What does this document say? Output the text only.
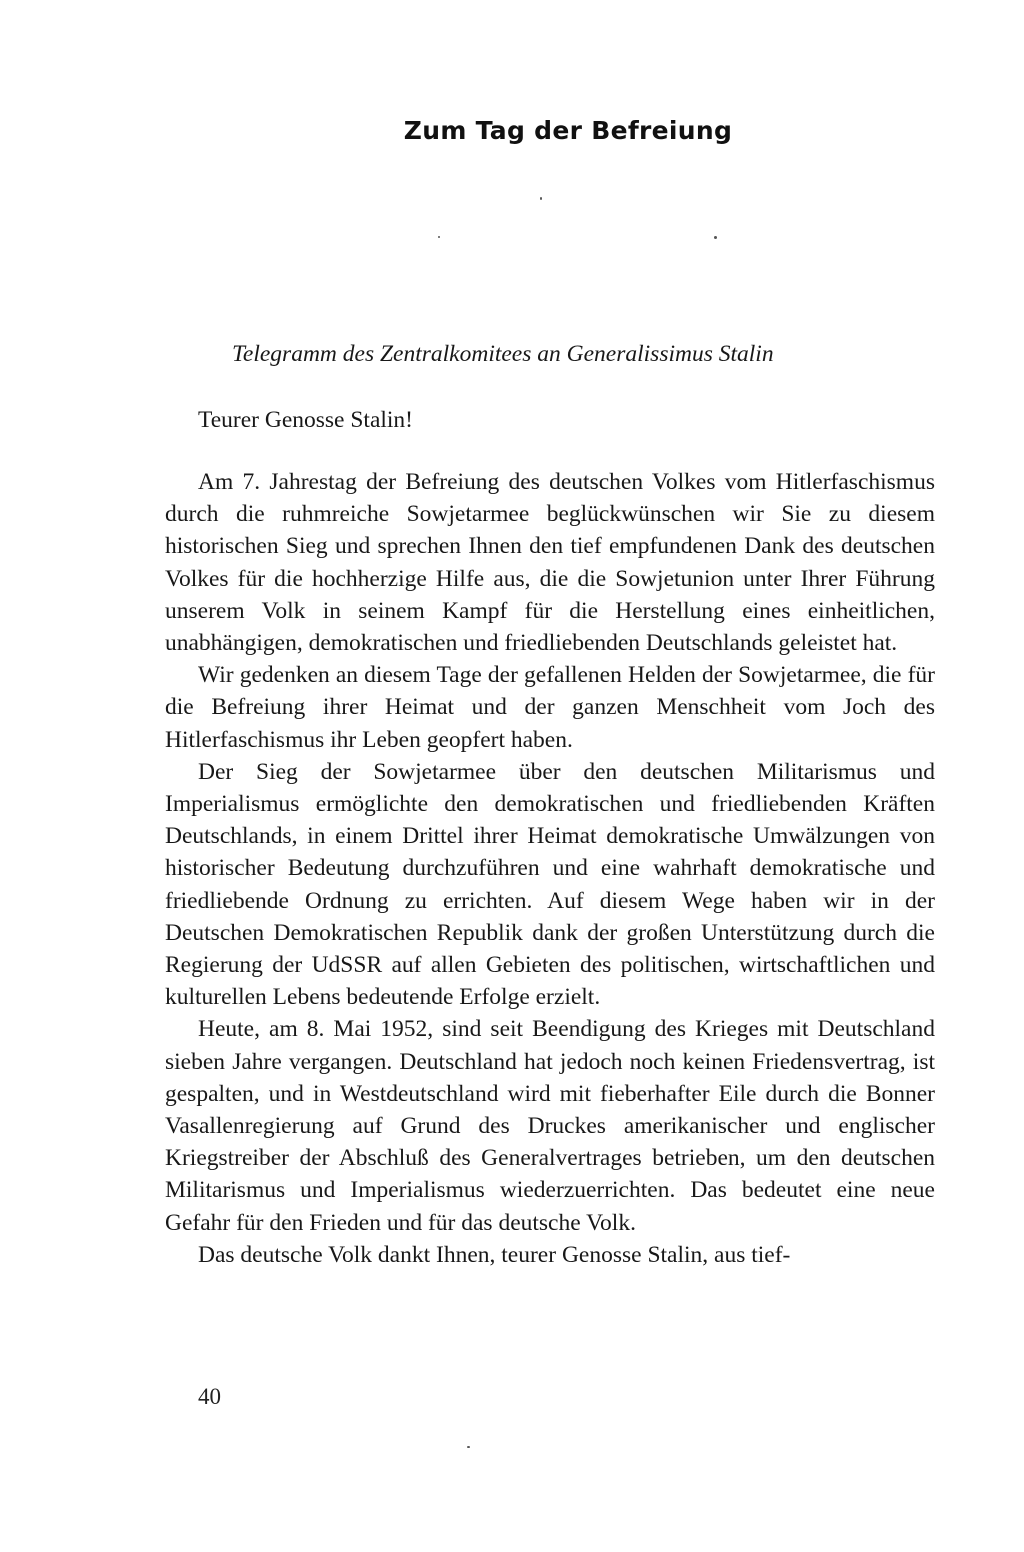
Zum Tag der Befreiung
Telegramm des Zentralkomitees an Generalissimus Stalin
Teurer Genosse Stalin!

Am 7. Jahrestag der Befreiung des deutschen Volkes vom Hitlerfaschismus durch die ruhmreiche Sowjetarmee beglückwünschen wir Sie zu diesem historischen Sieg und sprechen Ihnen den tief empfundenen Dank des deutschen Volkes für die hochherzige Hilfe aus, die die Sowjetunion unter Ihrer Führung unserem Volk in seinem Kampf für die Herstellung eines einheitlichen, unabhängigen, demokratischen und friedliebenden Deutschlands geleistet hat.

Wir gedenken an diesem Tage der gefallenen Helden der Sowjetarmee, die für die Befreiung ihrer Heimat und der ganzen Menschheit vom Joch des Hitlerfaschismus ihr Leben geopfert haben.

Der Sieg der Sowjetarmee über den deutschen Militarismus und Imperialismus ermöglichte den demokratischen und friedliebenden Kräften Deutschlands, in einem Drittel ihrer Heimat demokratische Umwälzungen von historischer Bedeutung durchzuführen und eine wahrhaft demokratische und friedliebende Ordnung zu errichten. Auf diesem Wege haben wir in der Deutschen Demokratischen Republik dank der großen Unterstützung durch die Regierung der UdSSR auf allen Gebieten des politischen, wirtschaftlichen und kulturellen Lebens bedeutende Erfolge erzielt.

Heute, am 8. Mai 1952, sind seit Beendigung des Krieges mit Deutschland sieben Jahre vergangen. Deutschland hat jedoch noch keinen Friedensvertrag, ist gespalten, und in Westdeutschland wird mit fieberhafter Eile durch die Bonner Vasallenregierung auf Grund des Druckes amerikanischer und englischer Kriegstreiber der Abschluß des Generalvertrages betrieben, um den deutschen Militarismus und Imperialismus wiederzuerrichten. Das bedeutet eine neue Gefahr für den Frieden und für das deutsche Volk.

Das deutsche Volk dankt Ihnen, teurer Genosse Stalin, aus tief-

40
